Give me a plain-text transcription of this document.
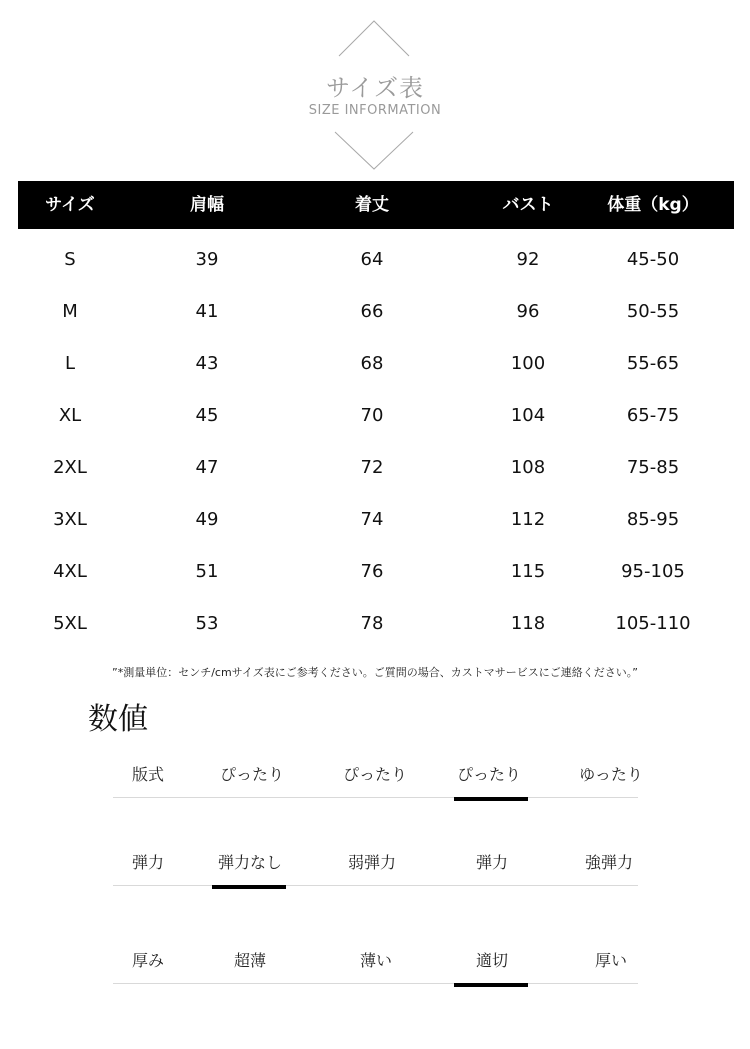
サイズ表
SIZE INFORMATION
サイズ	肩幅	着丈	バスト	体重（kg）
S	39	64	92	45-50
M	41	66	96	50-55
L	43	68	100	55-65
XL	45	70	104	65-75
2XL	47	72	108	75-85
3XL	49	74	112	85-95
4XL	51	76	115	95-105
5XL	53	78	118	105-110
”*測量単位：センチ/cmサイズ表にご参考ください。ご質問の場合、カストマサービスにご連絡ください。”
数値
版式	ぴったり	ぴったり	ぴったり	ゆったり
弾力	弾力なし	弱弾力	弾力	強弾力
厚み	超薄	薄い	適切	厚い
